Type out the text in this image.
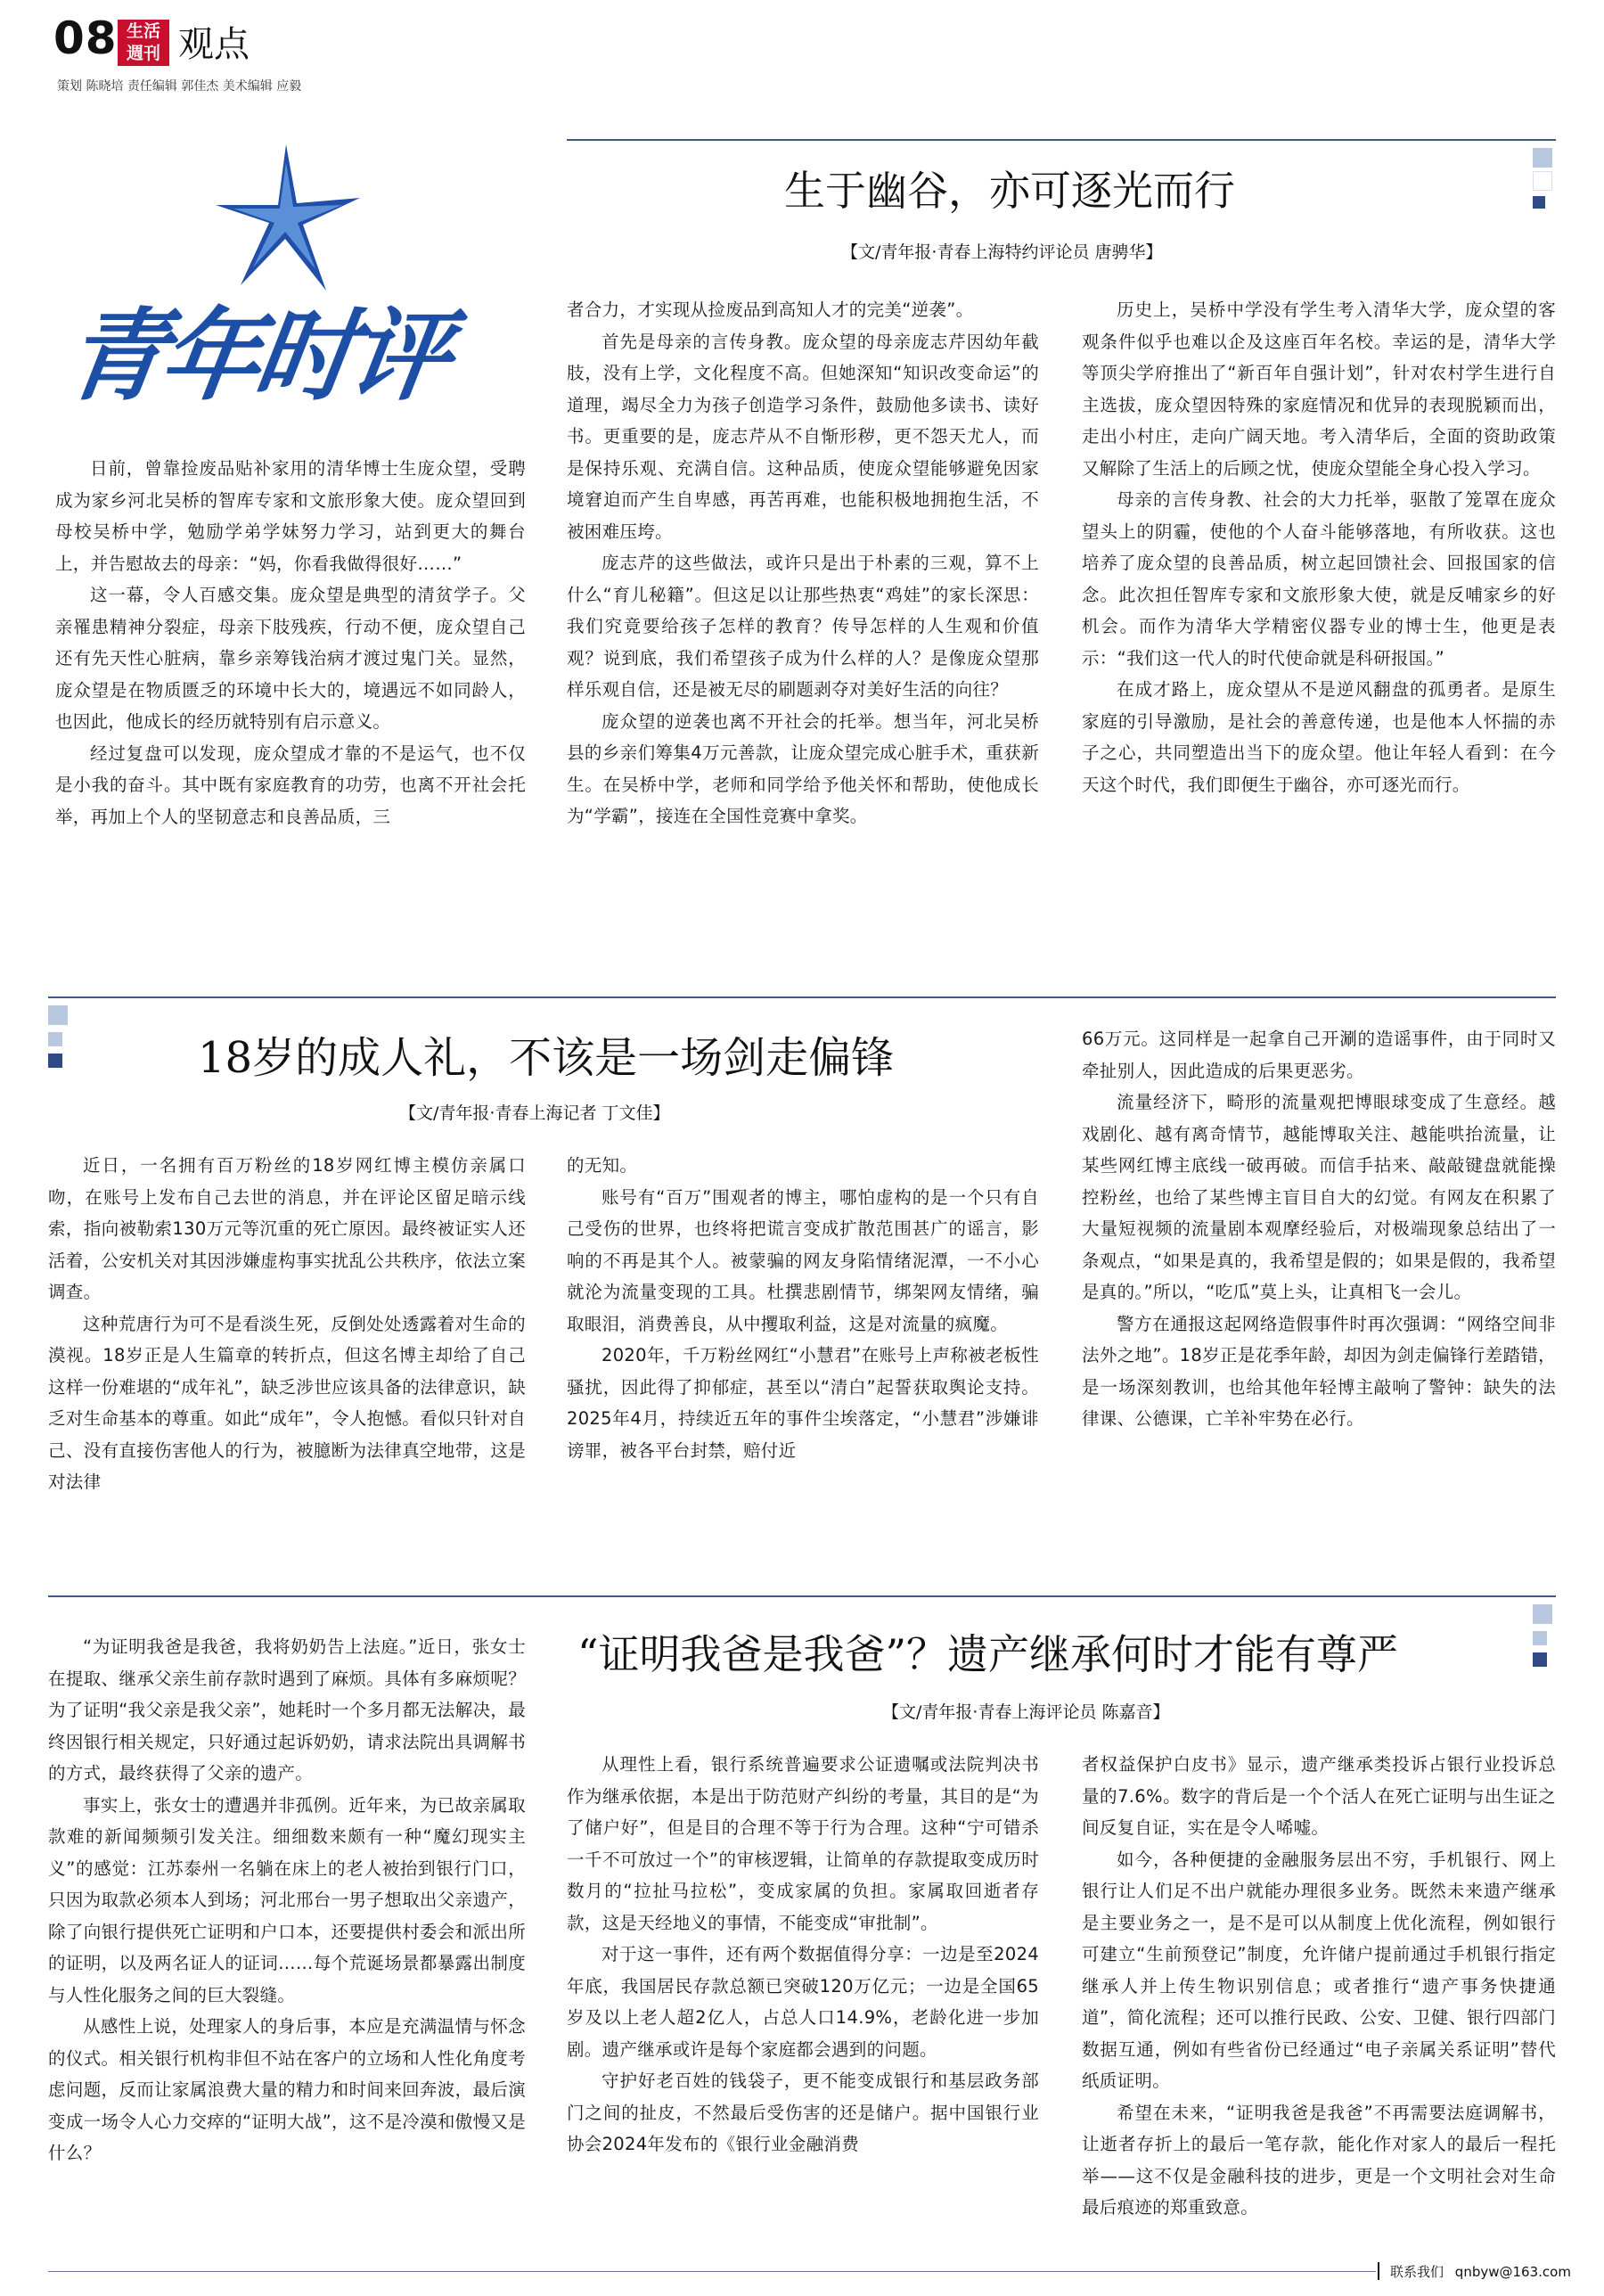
08 生活週刊 观点
策划 陈晓培 责任编辑 郭佳杰 美术编辑 应毅
青年时评
生于幽谷，亦可逐光而行
【文/青年报·青春上海特约评论员 唐骋华】

日前，曾靠捡废品贴补家用的清华博士生庞众望，受聘成为家乡河北吴桥的智库专家和文旅形象大使。庞众望回到母校吴桥中学，勉励学弟学妹努力学习，站到更大的舞台上，并告慰故去的母亲：“妈，你看我做得很好……”

这一幕，令人百感交集。庞众望是典型的清贫学子。父亲罹患精神分裂症，母亲下肢残疾，行动不便，庞众望自己还有先天性心脏病，靠乡亲筹钱治病才渡过鬼门关。显然，庞众望是在物质匮乏的环境中长大的，境遇远不如同龄人，也因此，他成长的经历就特别有启示意义。

经过复盘可以发现，庞众望成才靠的不是运气，也不仅是小我的奋斗。其中既有家庭教育的功劳，也离不开社会托举，再加上个人的坚韧意志和良善品质，三

者合力，才实现从捡废品到高知人才的完美“逆袭”。

首先是母亲的言传身教。庞众望的母亲庞志芹因幼年截肢，没有上学，文化程度不高。但她深知“知识改变命运”的道理，竭尽全力为孩子创造学习条件，鼓励他多读书、读好书。更重要的是，庞志芹从不自惭形秽，更不怨天尤人，而是保持乐观、充满自信。这种品质，使庞众望能够避免因家境窘迫而产生自卑感，再苦再难，也能积极地拥抱生活，不被困难压垮。

庞志芹的这些做法，或许只是出于朴素的三观，算不上什么“育儿秘籍”。但这足以让那些热衷“鸡娃”的家长深思：我们究竟要给孩子怎样的教育？传导怎样的人生观和价值观？说到底，我们希望孩子成为什么样的人？是像庞众望那样乐观自信，还是被无尽的刷题剥夺对美好生活的向往？

庞众望的逆袭也离不开社会的托举。想当年，河北吴桥县的乡亲们筹集4万元善款，让庞众望完成心脏手术，重获新生。在吴桥中学，老师和同学给予他关怀和帮助，使他成长为“学霸”，接连在全国性竞赛中拿奖。

历史上，吴桥中学没有学生考入清华大学，庞众望的客观条件似乎也难以企及这座百年名校。幸运的是，清华大学等顶尖学府推出了“新百年自强计划”，针对农村学生进行自主选拔，庞众望因特殊的家庭情况和优异的表现脱颖而出，走出小村庄，走向广阔天地。考入清华后，全面的资助政策又解除了生活上的后顾之忧，使庞众望能全身心投入学习。

母亲的言传身教、社会的大力托举，驱散了笼罩在庞众望头上的阴霾，使他的个人奋斗能够落地，有所收获。这也培养了庞众望的良善品质，树立起回馈社会、回报国家的信念。此次担任智库专家和文旅形象大使，就是反哺家乡的好机会。而作为清华大学精密仪器专业的博士生，他更是表示：“我们这一代人的时代使命就是科研报国。”

在成才路上，庞众望从不是逆风翻盘的孤勇者。是原生家庭的引导激励，是社会的善意传递，也是他本人怀揣的赤子之心，共同塑造出当下的庞众望。他让年轻人看到：在今天这个时代，我们即便生于幽谷，亦可逐光而行。

18岁的成人礼，不该是一场剑走偏锋
【文/青年报·青春上海记者 丁文佳】

近日，一名拥有百万粉丝的18岁网红博主模仿亲属口吻，在账号上发布自己去世的消息，并在评论区留足暗示线索，指向被勒索130万元等沉重的死亡原因。最终被证实人还活着，公安机关对其因涉嫌虚构事实扰乱公共秩序，依法立案调查。

这种荒唐行为可不是看淡生死，反倒处处透露着对生命的漠视。18岁正是人生篇章的转折点，但这名博主却给了自己这样一份难堪的“成年礼”，缺乏涉世应该具备的法律意识，缺乏对生命基本的尊重。如此“成年”，令人抱憾。看似只针对自己、没有直接伤害他人的行为，被臆断为法律真空地带，这是对法律

的无知。

账号有“百万”围观者的博主，哪怕虚构的是一个只有自己受伤的世界，也终将把谎言变成扩散范围甚广的谣言，影响的不再是其个人。被蒙骗的网友身陷情绪泥潭，一不小心就沦为流量变现的工具。杜撰悲剧情节，绑架网友情绪，骗取眼泪，消费善良，从中攫取利益，这是对流量的疯魔。

2020年，千万粉丝网红“小慧君”在账号上声称被老板性骚扰，因此得了抑郁症，甚至以“清白”起誓获取舆论支持。2025年4月，持续近五年的事件尘埃落定，“小慧君”涉嫌诽谤罪，被各平台封禁，赔付近

66万元。这同样是一起拿自己开涮的造谣事件，由于同时又牵扯别人，因此造成的后果更恶劣。

流量经济下，畸形的流量观把博眼球变成了生意经。越戏剧化、越有离奇情节，越能博取关注、越能哄抬流量，让某些网红博主底线一破再破。而信手拈来、敲敲键盘就能操控粉丝，也给了某些博主盲目自大的幻觉。有网友在积累了大量短视频的流量剧本观摩经验后，对极端现象总结出了一条观点，“如果是真的，我希望是假的；如果是假的，我希望是真的。”所以，“吃瓜”莫上头，让真相飞一会儿。

警方在通报这起网络造假事件时再次强调：“网络空间非法外之地”。18岁正是花季年龄，却因为剑走偏锋行差踏错，是一场深刻教训，也给其他年轻博主敲响了警钟：缺失的法律课、公德课，亡羊补牢势在必行。

“证明我爸是我爸”？遗产继承何时才能有尊严
【文/青年报·青春上海评论员 陈嘉音】

“为证明我爸是我爸，我将奶奶告上法庭。”近日，张女士在提取、继承父亲生前存款时遇到了麻烦。具体有多麻烦呢？为了证明“我父亲是我父亲”，她耗时一个多月都无法解决，最终因银行相关规定，只好通过起诉奶奶，请求法院出具调解书的方式，最终获得了父亲的遗产。

事实上，张女士的遭遇并非孤例。近年来，为已故亲属取款难的新闻频频引发关注。细细数来颇有一种“魔幻现实主义”的感觉：江苏泰州一名躺在床上的老人被抬到银行门口，只因为取款必须本人到场；河北邢台一男子想取出父亲遗产，除了向银行提供死亡证明和户口本，还要提供村委会和派出所的证明，以及两名证人的证词……每个荒诞场景都暴露出制度与人性化服务之间的巨大裂缝。

从感性上说，处理家人的身后事，本应是充满温情与怀念的仪式。相关银行机构非但不站在客户的立场和人性化角度考虑问题，反而让家属浪费大量的精力和时间来回奔波，最后演变成一场令人心力交瘁的“证明大战”，这不是冷漠和傲慢又是什么？

从理性上看，银行系统普遍要求公证遗嘱或法院判决书作为继承依据，本是出于防范财产纠纷的考量，其目的是“为了储户好”，但是目的合理不等于行为合理。这种“宁可错杀一千不可放过一个”的审核逻辑，让简单的存款提取变成历时数月的“拉扯马拉松”，变成家属的负担。家属取回逝者存款，这是天经地义的事情，不能变成“审批制”。

对于这一事件，还有两个数据值得分享：一边是至2024年底，我国居民存款总额已突破120万亿元；一边是全国65岁及以上老人超2亿人，占总人口14.9%，老龄化进一步加剧。遗产继承或许是每个家庭都会遇到的问题。

守护好老百姓的钱袋子，更不能变成银行和基层政务部门之间的扯皮，不然最后受伤害的还是储户。据中国银行业协会2024年发布的《银行业金融消费

者权益保护白皮书》显示，遗产继承类投诉占银行业投诉总量的7.6%。数字的背后是一个个活人在死亡证明与出生证之间反复自证，实在是令人唏嘘。

如今，各种便捷的金融服务层出不穷，手机银行、网上银行让人们足不出户就能办理很多业务。既然未来遗产继承是主要业务之一，是不是可以从制度上优化流程，例如银行可建立“生前预登记”制度，允许储户提前通过手机银行指定继承人并上传生物识别信息；或者推行“遗产事务快捷通道”，简化流程；还可以推行民政、公安、卫健、银行四部门数据互通，例如有些省份已经通过“电子亲属关系证明”替代纸质证明。

希望在未来，“证明我爸是我爸”不再需要法庭调解书，让逝者存折上的最后一笔存款，能化作对家人的最后一程托举——这不仅是金融科技的进步，更是一个文明社会对生命最后痕迹的郑重致意。

联系我们 qnbyw@163.com
